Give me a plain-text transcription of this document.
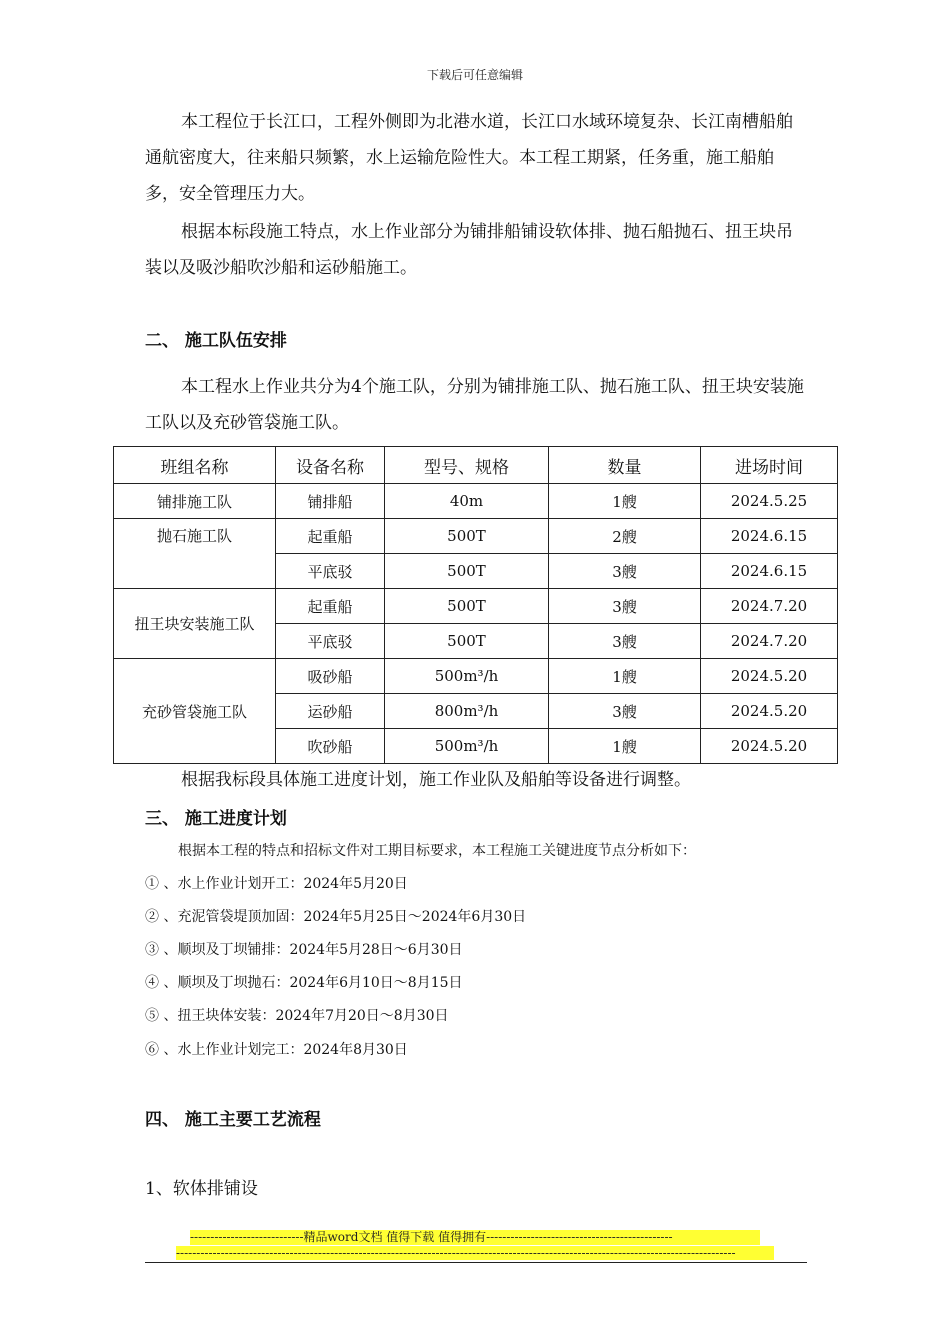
下载后可任意编辑
本工程位于长江口，工程外侧即为北港水道，长江口水域环境复杂、长江南槽船舶通航密度大，往来船只频繁，水上运输危险性大。本工程工期紧，任务重，施工船舶多，安全管理压力大。
根据本标段施工特点，水上作业部分为铺排船铺设软体排、抛石船抛石、扭王块吊装以及吸沙船吹沙船和运砂船施工。
二、 施工队伍安排
本工程水上作业共分为4个施工队，分别为铺排施工队、抛石施工队、扭王块安装施工队以及充砂管袋施工队。
班组名称	设备名称	型号、规格	数量	进场时间
铺排施工队	铺排船	40m	1艘	2024.5.25
抛石施工队	起重船	500T	2艘	2024.6.15
	平底驳	500T	3艘	2024.6.15
扭王块安装施工队	起重船	500T	3艘	2024.7.20
	平底驳	500T	3艘	2024.7.20
充砂管袋施工队	吸砂船	500m³/h	1艘	2024.5.20
	运砂船	800m³/h	3艘	2024.5.20
	吹砂船	500m³/h	1艘	2024.5.20
根据我标段具体施工进度计划，施工作业队及船舶等设备进行调整。
三、 施工进度计划
根据本工程的特点和招标文件对工期目标要求，本工程施工关键进度节点分析如下：
① 、水上作业计划开工：2024年5月20日
② 、充泥管袋堤顶加固：2024年5月25日～2024年6月30日
③ 、顺坝及丁坝铺排：2024年5月28日～6月30日
④ 、顺坝及丁坝抛石：2024年6月10日～8月15日
⑤ 、扭王块体安装：2024年7月20日～8月30日
⑥ 、水上作业计划完工：2024年8月30日
四、 施工主要工艺流程
1、软体排铺设
----------------------------精品word文档 值得下载 值得拥有----------------------------------------------
------------------------------------------------------------------------------------------------------------------------------------------
